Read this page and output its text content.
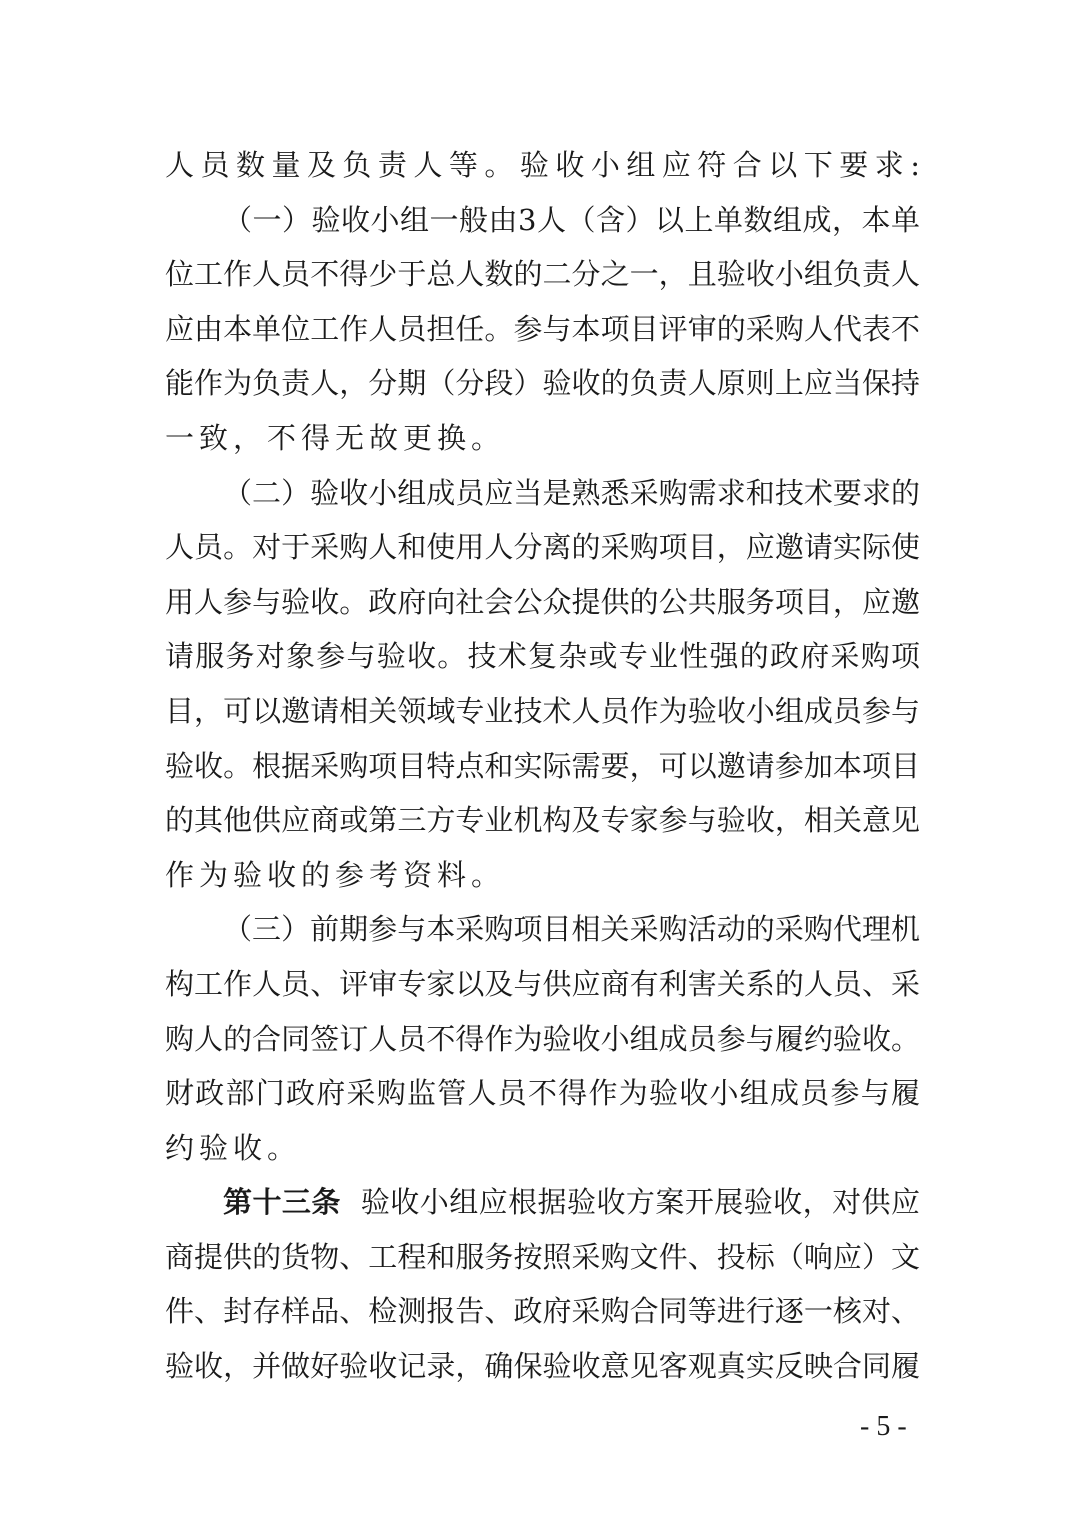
人员数量及负责人等。验收小组应符合以下要求:
（一）验收小组一般由3人（含）以上单数组成，本单
位工作人员不得少于总人数的二分之一，且验收小组负责人
应由本单位工作人员担任。参与本项目评审的采购人代表不
能作为负责人，分期（分段）验收的负责人原则上应当保持
一致，不得无故更换。
（二）验收小组成员应当是熟悉采购需求和技术要求的
人员。对于采购人和使用人分离的采购项目，应邀请实际使
用人参与验收。政府向社会公众提供的公共服务项目，应邀
请服务对象参与验收。技术复杂或专业性强的政府采购项
目，可以邀请相关领域专业技术人员作为验收小组成员参与
验收。根据采购项目特点和实际需要，可以邀请参加本项目
的其他供应商或第三方专业机构及专家参与验收，相关意见
作为验收的参考资料。
（三）前期参与本采购项目相关采购活动的采购代理机
构工作人员、评审专家以及与供应商有利害关系的人员、采
购人的合同签订人员不得作为验收小组成员参与履约验收。
财政部门政府采购监管人员不得作为验收小组成员参与履
约验收。
第十三条 验收小组应根据验收方案开展验收，对供应
商提供的货物、工程和服务按照采购文件、投标（响应）文
件、封存样品、检测报告、政府采购合同等进行逐一核对、
验收，并做好验收记录，确保验收意见客观真实反映合同履
- 5 -
